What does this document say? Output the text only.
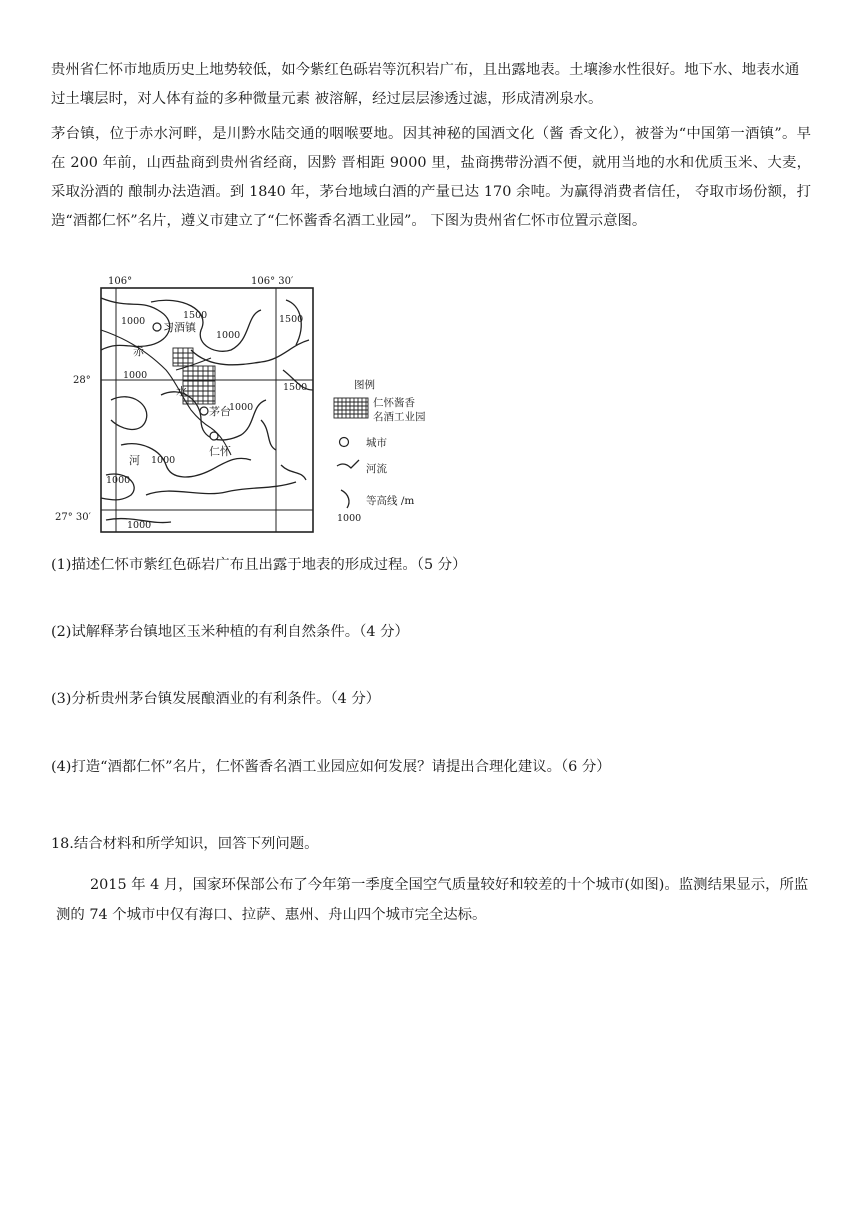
贵州省仁怀市地质历史上地势较低，如今紫红色砾岩等沉积岩广布，且出露地表。土壤渗水性很好。地下水、地表水通过土壤层时，对人体有益的多种微量元素 被溶解，经过层层渗透过滤，形成清冽泉水。
茅台镇，位于赤水河畔，是川黔水陆交通的咽喉要地。因其神秘的国酒文化（酱 香文化），被誉为“中国第一酒镇”。早在 200 年前，山西盐商到贵州省经商，因黔 晋相距 9000 里，盐商携带汾酒不便，就用当地的水和优质玉米、大麦，采取汾酒的 酿制办法造酒。到 1840 年，茅台地域白酒的产量已达 170 余吨。为赢得消费者信任， 夺取市场份额，打造“酒都仁怀”名片，遵义市建立了“仁怀酱香名酒工业园”。 下图为贵州省仁怀市位置示意图。
106°	106° 30′
28°
27° 30′
习酒镇
茅台
仁怀
赤
水
河
1000
1500
1000
1500
1000
1500
1000
1000
1000
1000
图例
仁怀酱香
名酒工业园
城市
河流
等高线 /m
1000
(1)描述仁怀市紫红色砾岩广布且出露于地表的形成过程。（5 分）
(2)试解释茅台镇地区玉米种植的有利自然条件。（4 分）
(3)分析贵州茅台镇发展酿酒业的有利条件。（4 分）
(4)打造“酒都仁怀”名片，仁怀酱香名酒工业园应如何发展？请提出合理化建议。（6 分）
18.结合材料和所学知识，回答下列问题。
2015 年 4 月，国家环保部公布了今年第一季度全国空气质量较好和较差的十个城市(如图)。监测结果显示，所监测的 74 个城市中仅有海口、拉萨、惠州、舟山四个城市完全达标。
